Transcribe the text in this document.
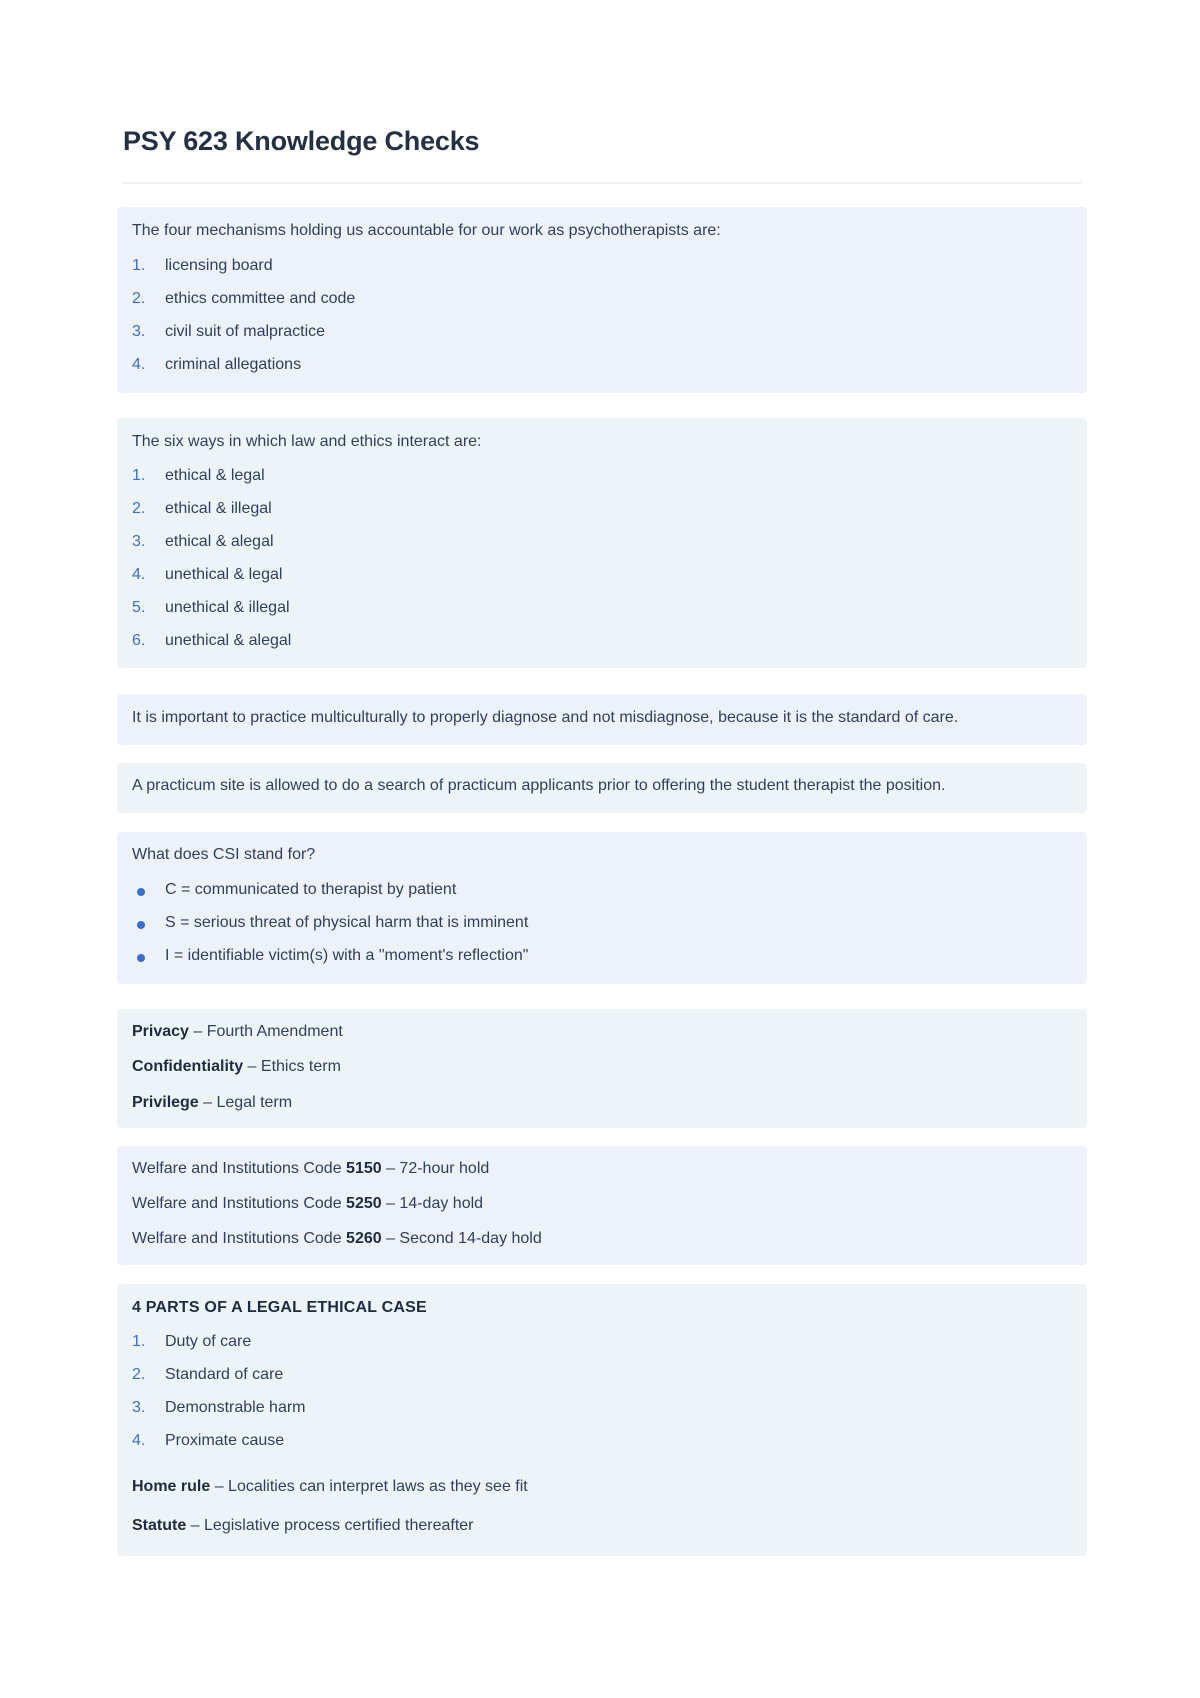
PSY 623 Knowledge Checks
The four mechanisms holding us accountable for our work as psychotherapists are:
1.	licensing board
2.	ethics committee and code
3.	civil suit of malpractice
4.	criminal allegations
The six ways in which law and ethics interact are:
1.	ethical & legal
2.	ethical & illegal
3.	ethical & alegal
4.	unethical & legal
5.	unethical & illegal
6.	unethical & alegal
It is important to practice multiculturally to properly diagnose and not misdiagnose, because it is the standard of care.
A practicum site is allowed to do a search of practicum applicants prior to offering the student therapist the position.
What does CSI stand for?
C = communicated to therapist by patient
S = serious threat of physical harm that is imminent
I = identifiable victim(s) with a "moment's reflection"
Privacy – Fourth Amendment
Confidentiality – Ethics term
Privilege – Legal term
Welfare and Institutions Code 5150 – 72-hour hold
Welfare and Institutions Code 5250 – 14-day hold
Welfare and Institutions Code 5260 – Second 14-day hold
4 PARTS OF A LEGAL ETHICAL CASE
1.	Duty of care
2.	Standard of care
3.	Demonstrable harm
4.	Proximate cause
Home rule – Localities can interpret laws as they see fit
Statute – Legislative process certified thereafter
